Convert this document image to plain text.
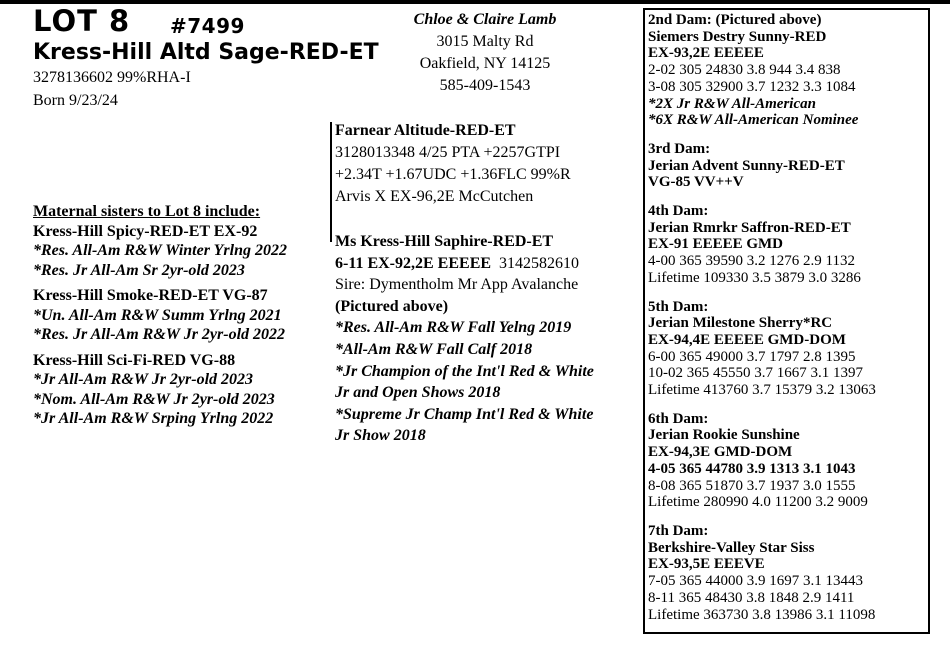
LOT 8 #7499
Kress-Hill Altd Sage-RED-ET
3278136602 99%RHA-I
Born 9/23/24
Chloe & Claire Lamb
3015 Malty Rd
Oakfield, NY 14125
585-409-1543
Farnear Altitude-RED-ET
3128013348 4/25 PTA +2257GTPI
+2.34T +1.67UDC +1.36FLC 99%R
Arvis X EX-96,2E McCutchen
Ms Kress-Hill Saphire-RED-ET
6-11 EX-92,2E EEEEE 3142582610
Sire: Dymentholm Mr App Avalanche
(Pictured above)
*Res. All-Am R&W Fall Yelng 2019
*All-Am R&W Fall Calf 2018
*Jr Champion of the Int'l Red & White
Jr and Open Shows 2018
*Supreme Jr Champ Int'l Red & White
Jr Show 2018
Maternal sisters to Lot 8 include:
Kress-Hill Spicy-RED-ET EX-92
*Res. All-Am R&W Winter Yrlng 2022
*Res. Jr All-Am Sr 2yr-old 2023
Kress-Hill Smoke-RED-ET VG-87
*Un. All-Am R&W Summ Yrlng 2021
*Res. Jr All-Am R&W Jr 2yr-old 2022
Kress-Hill Sci-Fi-RED VG-88
*Jr All-Am R&W Jr 2yr-old 2023
*Nom. All-Am R&W Jr 2yr-old 2023
*Jr All-Am R&W Srping Yrlng 2022
2nd Dam: (Pictured above)
Siemers Destry Sunny-RED
EX-93,2E EEEEE
2-02 305 24830 3.8 944 3.4 838
3-08 305 32900 3.7 1232 3.3 1084
*2X Jr R&W All-American
*6X R&W All-American Nominee
3rd Dam:
Jerian Advent Sunny-RED-ET
VG-85 VV++V
4th Dam:
Jerian Rmrkr Saffron-RED-ET
EX-91 EEEEE GMD
4-00 365 39590 3.2 1276 2.9 1132
Lifetime 109330 3.5 3879 3.0 3286
5th Dam:
Jerian Milestone Sherry*RC
EX-94,4E EEEEE GMD-DOM
6-00 365 49000 3.7 1797 2.8 1395
10-02 365 45550 3.7 1667 3.1 1397
Lifetime 413760 3.7 15379 3.2 13063
6th Dam:
Jerian Rookie Sunshine
EX-94,3E GMD-DOM
4-05 365 44780 3.9 1313 3.1 1043
8-08 365 51870 3.7 1937 3.0 1555
Lifetime 280990 4.0 11200 3.2 9009
7th Dam:
Berkshire-Valley Star Siss
EX-93,5E EEEVE
7-05 365 44000 3.9 1697 3.1 13443
8-11 365 48430 3.8 1848 2.9 1411
Lifetime 363730 3.8 13986 3.1 11098
